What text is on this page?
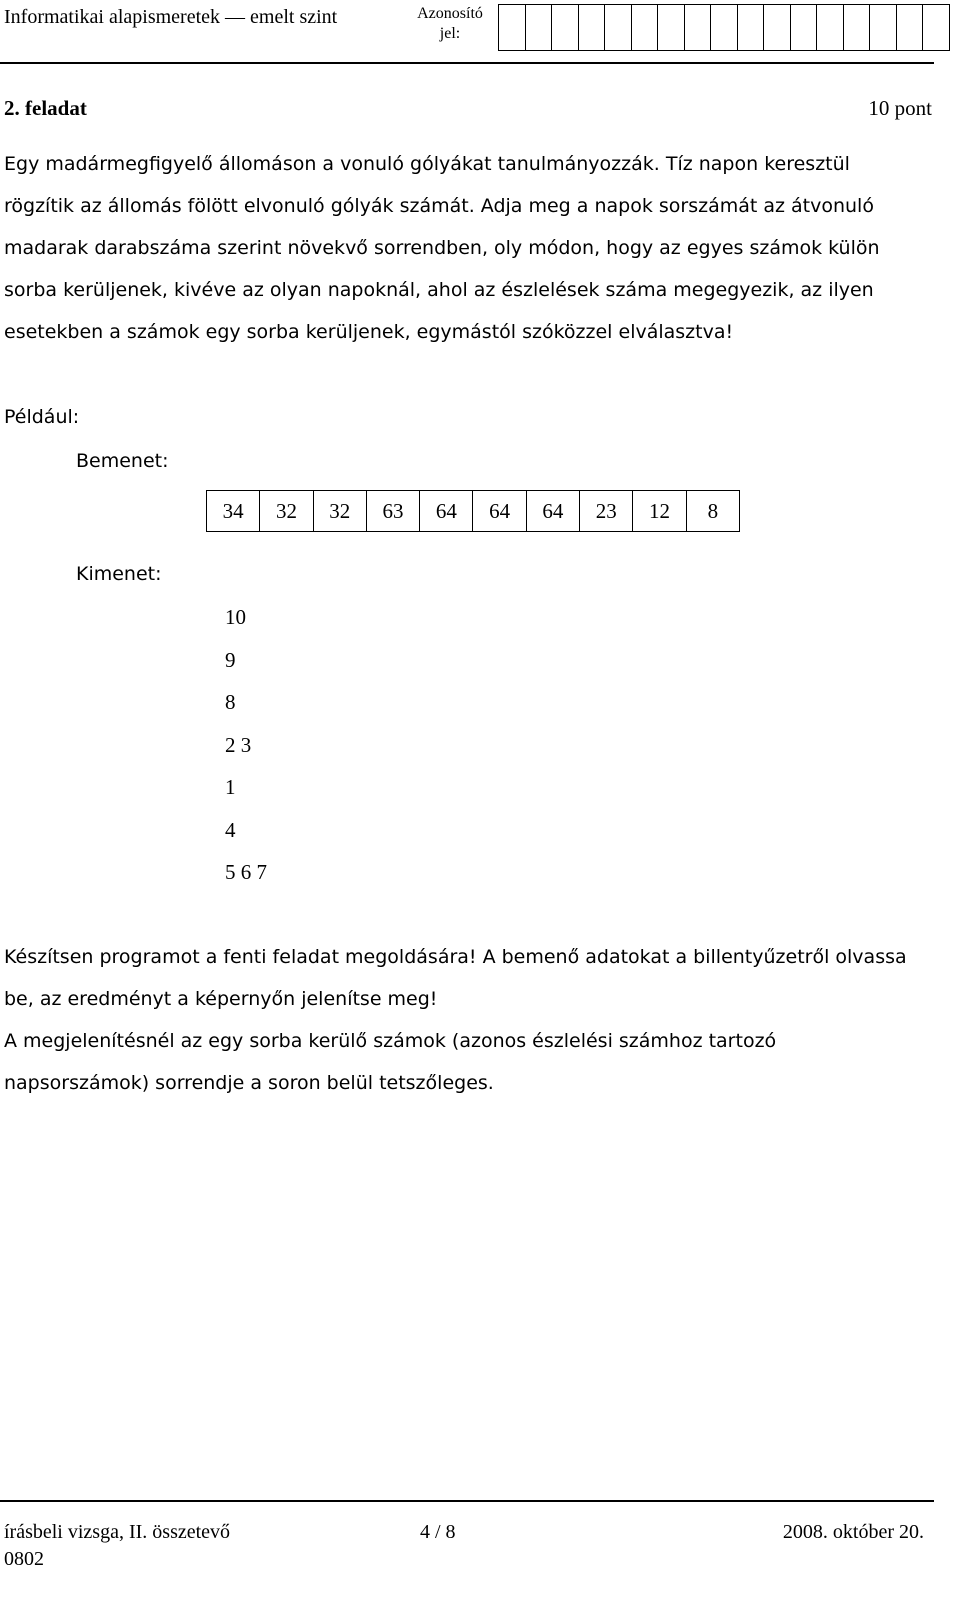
Informatikai alapismeretek — emelt szint	Azonosító
jel:
2. feladat	10 pont
Egy madármegfigyelő állomáson a vonuló gólyákat tanulmányozzák. Tíz napon keresztül
rögzítik az állomás fölött elvonuló gólyák számát. Adja meg a napok sorszámát az átvonuló
madarak darabszáma szerint növekvő sorrendben, oly módon, hogy az egyes számok külön
sorba kerüljenek, kivéve az olyan napoknál, ahol az észlelések száma megegyezik, az ilyen
esetekben a számok egy sorba kerüljenek, egymástól szóközzel elválasztva!
Például:
Bemenet:
34	32	32	63	64	64	64	23	12	8
Kimenet:
10
9
8
2 3
1
4
5 6 7
Készítsen programot a fenti feladat megoldására! A bemenő adatokat a billentyűzetről olvassa
be, az eredményt a képernyőn jelenítse meg!
A megjelenítésnél az egy sorba kerülő számok (azonos észlelési számhoz tartozó
napsorszámok) sorrendje a soron belül tetszőleges.
írásbeli vizsga, II. összetevő
0802
4 / 8	2008. október 20.
